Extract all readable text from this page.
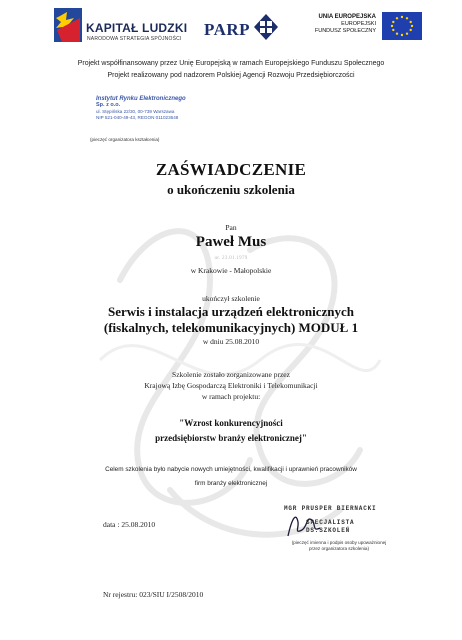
KAPITAŁ LUDZKI
NARODOWA STRATEGIA SPÓJNOŚCI PARP
UNIA EUROPEJSKA
EUROPEJSKI
FUNDUSZ SPOŁECZNY
Projekt współfinansowany przez Unię Europejską w ramach Europejskiego Funduszu Społecznego
Projekt realizowany pod nadzorem Polskiej Agencji Rozwoju Przedsiębiorczości
Instytut Rynku Elektronicznego
Sp. z o.o.
ul. Stępińska 22/30, 00-739 Warszawa
NIP 521-040-49-43, REGON 011023648
(pieczęć organizatora kształcenia)
ZAŚWIADCZENIE
o ukończeniu szkolenia
Pan
Paweł Mus
ur. 23.01.1979
w Krakowie - Małopolskie
ukończył szkolenie
Serwis i instalacja urządzeń elektronicznych
(fiskalnych, telekomunikacyjnych) MODUŁ 1
w dniu 25.08.2010
Szkolenie zostało zorganizowane przez
Krajową Izbę Gospodarczą Elektroniki i Telekomunikacji
w ramach projektu:
"Wzrost konkurencyjności
przedsiębiorstw branży elektronicznej"
Celem szkolenia było nabycie nowych umiejętności, kwalifikacji i uprawnień pracowników
firm branży elektronicznej
data : 25.08.2010
MGR PRUSPER BIERNACKI
SPECJALISTA
DS.SZKOLEŃ
(pieczęć imienna i podpis osoby upoważnionej
przez organizatora szkolenia)
Nr rejestru: 023/SIU I/2508/2010
